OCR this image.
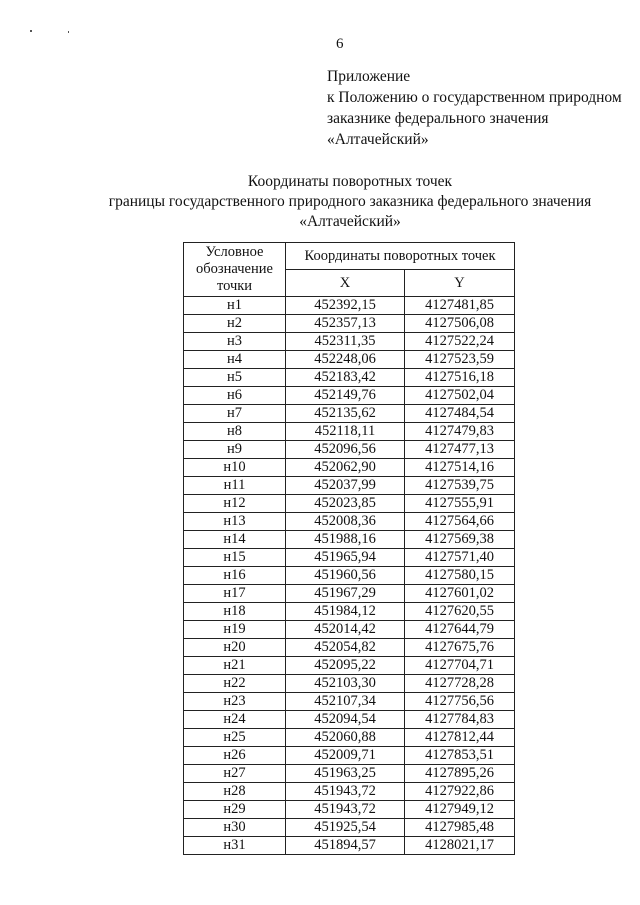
6
Приложение
к Положению о государственном природном
заказнике федерального значения
«Алтачейский»
Координаты поворотных точек
границы государственного природного заказника федерального значения
«Алтачейский»
Условное обозначение точки	Координаты поворотных точек	
	X	Y
н1	452392,15	4127481,85
н2	452357,13	4127506,08
н3	452311,35	4127522,24
н4	452248,06	4127523,59
н5	452183,42	4127516,18
н6	452149,76	4127502,04
н7	452135,62	4127484,54
н8	452118,11	4127479,83
н9	452096,56	4127477,13
н10	452062,90	4127514,16
н11	452037,99	4127539,75
н12	452023,85	4127555,91
н13	452008,36	4127564,66
н14	451988,16	4127569,38
н15	451965,94	4127571,40
н16	451960,56	4127580,15
н17	451967,29	4127601,02
н18	451984,12	4127620,55
н19	452014,42	4127644,79
н20	452054,82	4127675,76
н21	452095,22	4127704,71
н22	452103,30	4127728,28
н23	452107,34	4127756,56
н24	452094,54	4127784,83
н25	452060,88	4127812,44
н26	452009,71	4127853,51
н27	451963,25	4127895,26
н28	451943,72	4127922,86
н29	451943,72	4127949,12
н30	451925,54	4127985,48
н31	451894,57	4128021,17
